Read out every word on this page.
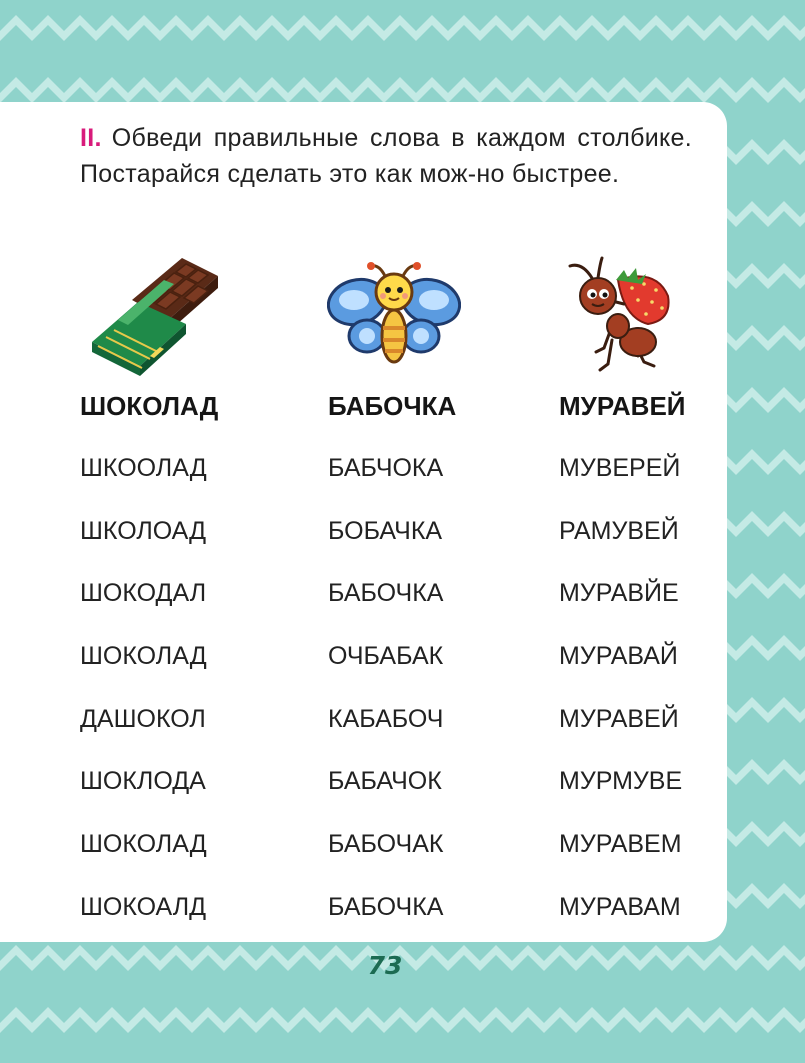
II. Обведи правильные слова в каждом столбике. Постарайся сделать это как мож-но быстрее.
ШОКОЛАД
ШКООЛАД
ШКОЛОАД
ШОКОДАЛ
ШОКОЛАД
ДАШОКОЛ
ШОКЛОДА
ШОКОЛАД
ШОКОАЛД
БАБОЧКА
БАБЧОКА
БОБАЧКА
БАБОЧКА
ОЧБАБАК
КАБАБОЧ
БАБАЧОК
БАБОЧАК
БАБОЧКА
МУРАВЕЙ
МУВЕРЕЙ
РАМУВЕЙ
МУРАВЙЕ
МУРАВАЙ
МУРАВЕЙ
МУРМУВЕ
МУРАВЕМ
МУРАВАМ
73
